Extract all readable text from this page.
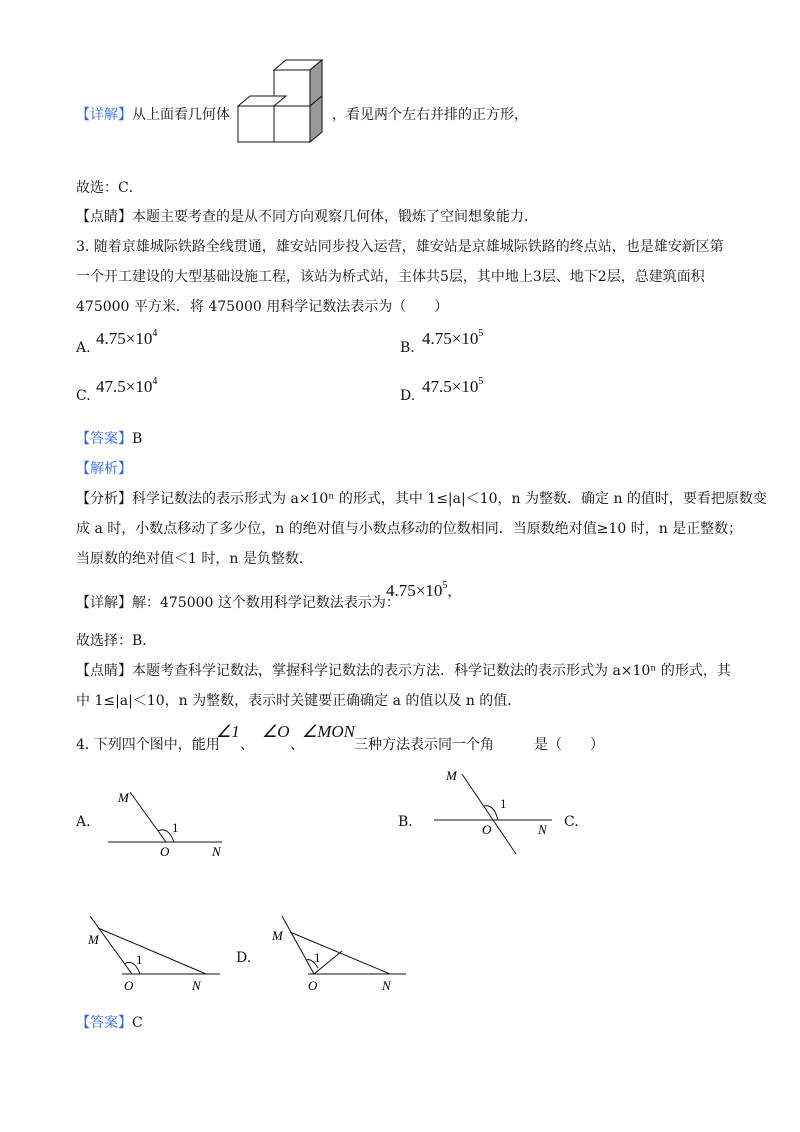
【详解】从上面看几何体	，看见两个左右并排的正方形，
故选：C．
【点睛】本题主要考查的是从不同方向观察几何体，锻炼了空间想象能力．
3. 随着京雄城际铁路全线贯通，雄安站同步投入运营，雄安站是京雄城际铁路的终点站，也是雄安新区第
一个开工建设的大型基础设施工程，该站为桥式站，主体共5层，其中地上3层、地下2层，总建筑面积
475000 平方米．将 475000 用科学记数法表示为（　　）
A. $4.75\times 10^4$
B. $4.75\times 10^5$
C. $47.5\times 10^4$
D. $47.5\times 10^5$
【答案】B
【解析】
【分析】科学记数法的表示形式为 a×10ⁿ 的形式，其中 1≤|a|＜10，n 为整数．确定 n 的值时，要看把原数变
成 a 时，小数点移动了多少位，n 的绝对值与小数点移动的位数相同．当原数绝对值≥10 时，n 是正整数；
当原数的绝对值＜1 时，n 是负整数．
【详解】解：475000 这个数用科学记数法表示为：
$4.75\times 10^5$，
故选择：B．
【点睛】本题考查科学记数法，掌握科学记数法的表示方法．科学记数法的表示形式为 a×10ⁿ 的形式，其
中 1≤|a|＜10，n 为整数，表示时关键要正确确定 a 的值以及 n 的值．
4. 下列四个图中，能用
∠1
、
∠O
、
∠MON
三种方法表示同一个角	是（　　）
A.
M
O	N
1	B.
M
O	N
1
C.
M
O	N
1	D.
M
O	N
1
【答案】C
